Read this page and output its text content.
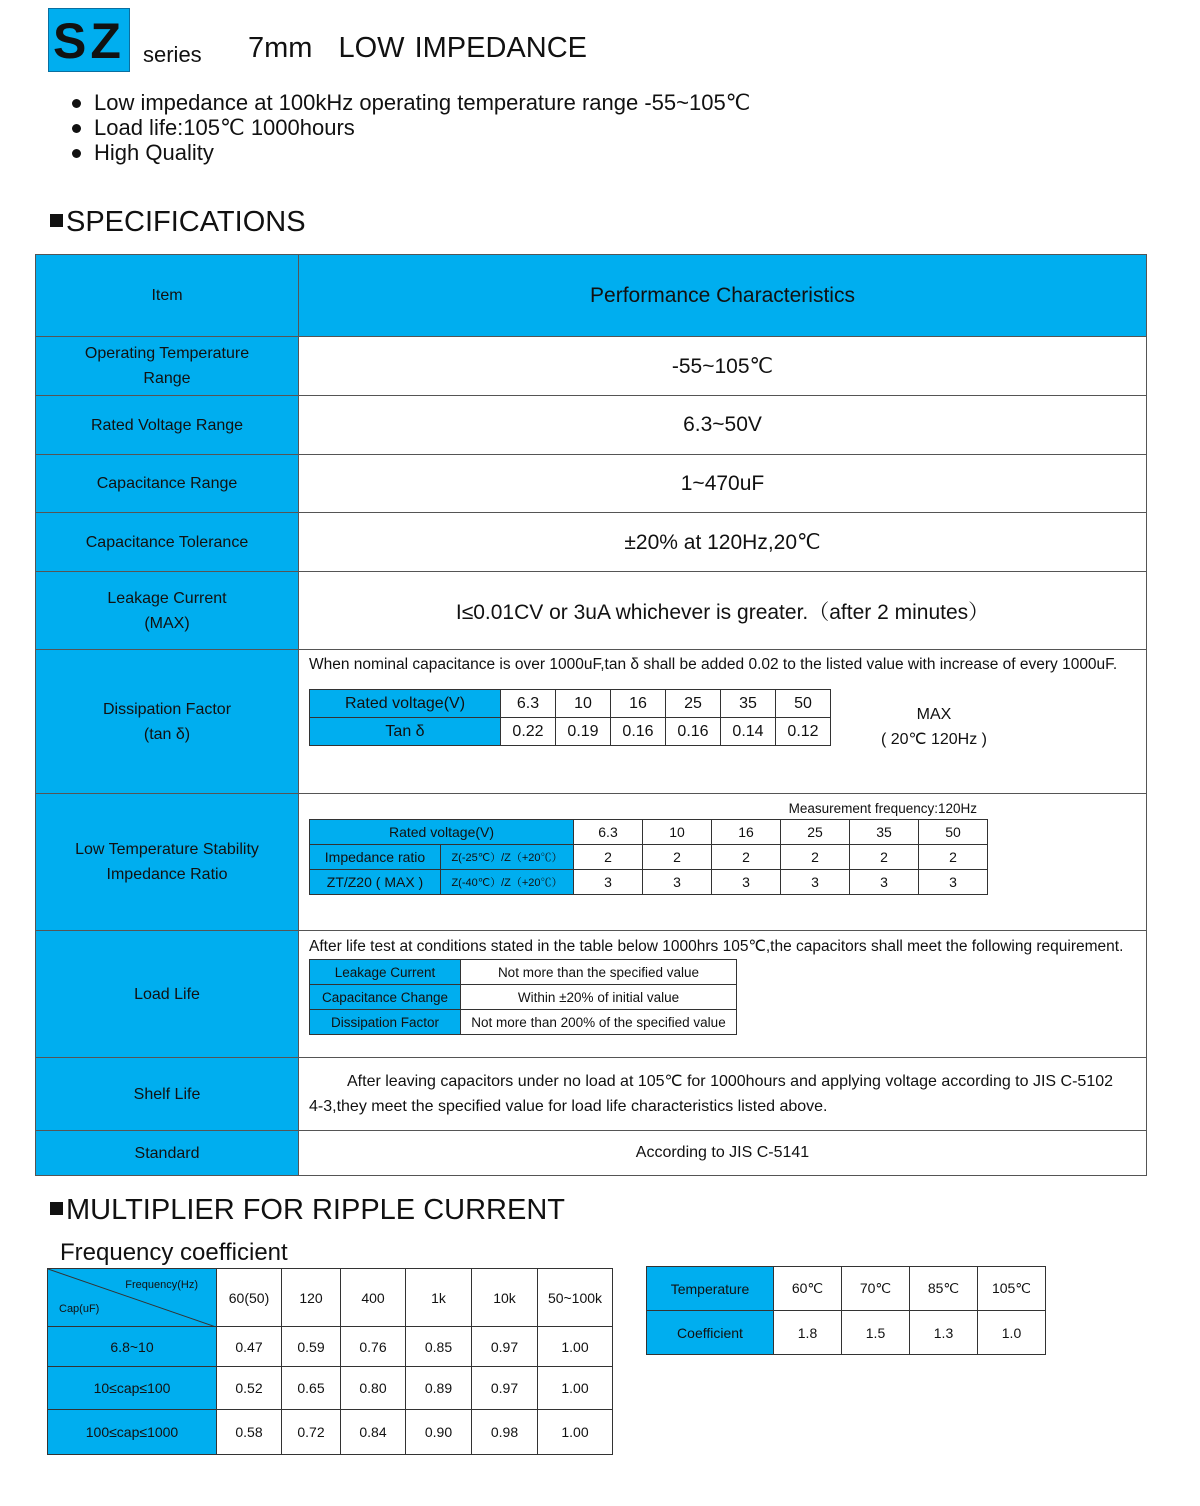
SZ series 7mm LOW IMPEDANCE
Low impedance at 100kHz operating temperature range -55~105℃
Load life:105℃ 1000hours
High Quality
SPECIFICATIONS
Item	Performance Characteristics

Operating Temperature
Range
	-55~105℃
Rated Voltage Range	6.3~50V
Capacitance Range	1~470uF
Capacitance Tolerance	±20% at 120Hz,20℃

Leakage Current
(MAX)	I≤0.01CV or 3uA whichever is greater.（after 2 minutes）

Dissipation Factor
(tan δ)

When nominal capacitance is over 1000uF,tan δ shall be added 0.02 to the listed value with increase of every 1000uF.
Rated voltage(V)	6.3	10	16	25	35	50
Tan δ	0.22	0.19	0.16	0.16	0.14	0.12
MAX
( 20℃ 120Hz )

Low Temperature Stability
Impedance Ratio

Measurement frequency:120Hz
Rated voltage(V)	6.3	10	16	25	35	50
Impedance ratio	Z(-25℃）/Z（+20℃）	2	2	2	2	2	2
ZT/Z20 ( MAX )	Z(-40℃）/Z（+20℃）	3	3	3	3	3	3

Load Life	
After life test at conditions stated in the table below 1000hrs 105℃,the capacitors shall meet the following requirement.
Leakage Current	Not more than the specified value
Capacitance Change	Within ±20% of initial value
Dissipation Factor	Not more than 200% of the specified value

Shelf Life	
After leaving capacitors under no load at 105℃ for 1000hours and applying voltage according to JIS C-5102
4-3,they meet the specified value for load life characteristics listed above.

Standard	According to JIS C-5141
MULTIPLIER FOR RIPPLE CURRENT
Frequency coefficient
Frequency(Hz)
Cap(uF)	60(50)	120	400	1k	10k	50~100k
6.8~10	0.47	0.59	0.76	0.85	0.97	1.00
10≤cap≤100	0.52	0.65	0.80	0.89	0.97	1.00
100≤cap≤1000	0.58	0.72	0.84	0.90	0.98	1.00
Temperature	60℃	70℃	85℃	105℃
Coefficient	1.8	1.5	1.3	1.0
